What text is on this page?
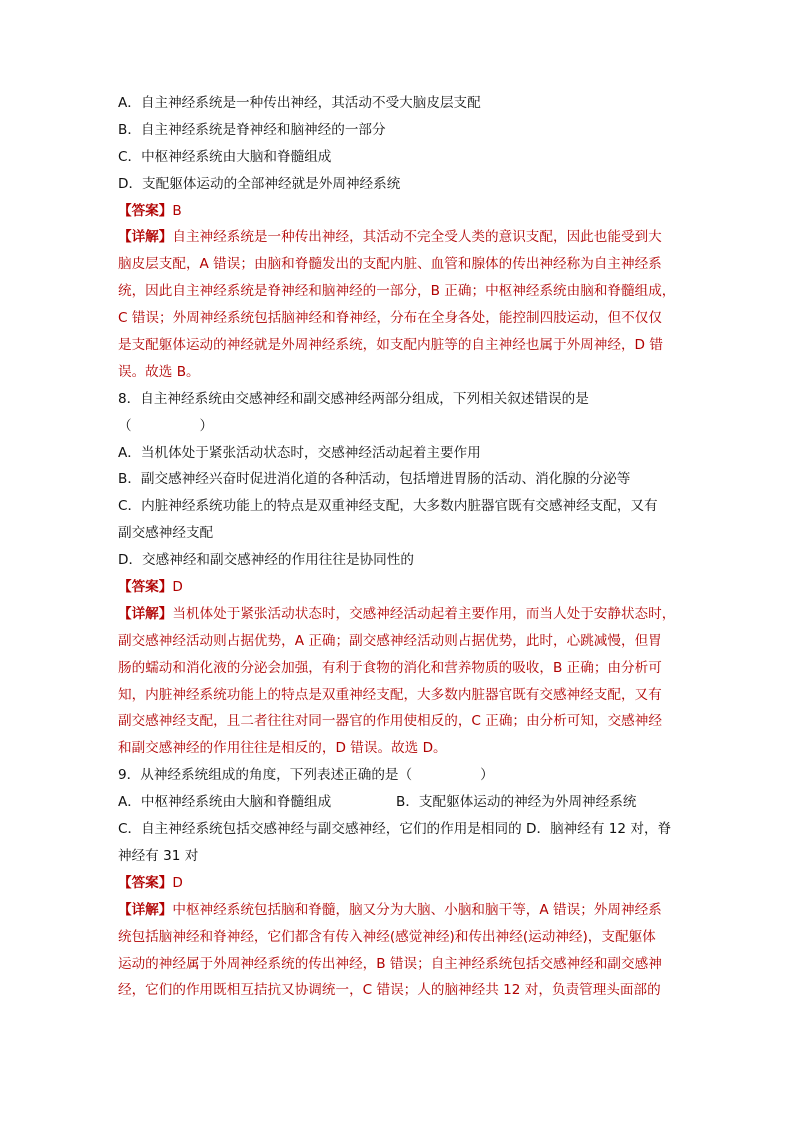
A．自主神经系统是一种传出神经，其活动不受大脑皮层支配
B．自主神经系统是脊神经和脑神经的一部分
C．中枢神经系统由大脑和脊髓组成
D．支配躯体运动的全部神经就是外周神经系统
【答案】B
【详解】自主神经系统是一种传出神经，其活动不完全受人类的意识支配，因此也能受到大
脑皮层支配，A 错误；由脑和脊髓发出的支配内脏、血管和腺体的传出神经称为自主神经系
统，因此自主神经系统是脊神经和脑神经的一部分，B 正确；中枢神经系统由脑和脊髓组成，
C 错误；外周神经系统包括脑神经和脊神经，分布在全身各处，能控制四肢运动，但不仅仅
是支配躯体运动的神经就是外周神经系统，如支配内脏等的自主神经也属于外周神经，D 错
误。故选 B。
8．自主神经系统由交感神经和副交感神经两部分组成，下列相关叙述错误的是
（　　　　　）
A．当机体处于紧张活动状态时，交感神经活动起着主要作用
B．副交感神经兴奋时促进消化道的各种活动，包括增进胃肠的活动、消化腺的分泌等
C．内脏神经系统功能上的特点是双重神经支配，大多数内脏器官既有交感神经支配，又有
副交感神经支配
D．交感神经和副交感神经的作用往往是协同性的
【答案】D
【详解】当机体处于紧张活动状态时，交感神经活动起着主要作用，而当人处于安静状态时，
副交感神经活动则占据优势，A 正确；副交感神经活动则占据优势，此时，心跳减慢，但胃
肠的蠕动和消化液的分泌会加强，有利于食物的消化和营养物质的吸收，B 正确；由分析可
知，内脏神经系统功能上的特点是双重神经支配，大多数内脏器官既有交感神经支配，又有
副交感神经支配，且二者往往对同一器官的作用使相反的，C 正确；由分析可知，交感神经
和副交感神经的作用往往是相反的，D 错误。故选 D。
9．从神经系统组成的角度，下列表述正确的是（　　　　　）
A．中枢神经系统由大脑和脊髓组成	B．支配躯体运动的神经为外周神经系统
C．自主神经系统包括交感神经与副交感神经，它们的作用是相同的 D．脑神经有 12 对，脊
神经有 31 对
【答案】D
【详解】中枢神经系统包括脑和脊髓，脑又分为大脑、小脑和脑干等，A 错误；外周神经系
统包括脑神经和脊神经，它们都含有传入神经(感觉神经)和传出神经(运动神经)，支配躯体
运动的神经属于外周神经系统的传出神经，B 错误；自主神经系统包括交感神经和副交感神
经，它们的作用既相互拮抗又协调统一，C 错误；人的脑神经共 12 对，负责管理头面部的
